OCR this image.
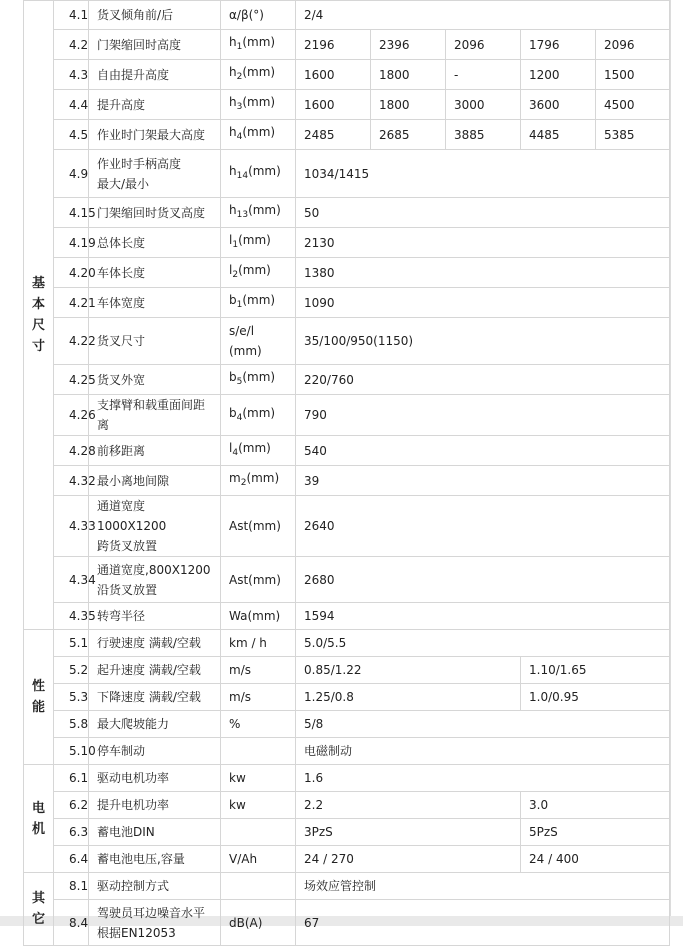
基
本
尺
寸	4.1	货叉倾角前/后	α/β(°)	2/4				
	4.2	门架缩回时高度	$h_1(mm)$	2196	2396	2096	1796	2096
	4.3	自由提升高度	$h_2(mm)$	1600	1800	-	1200	1500
	4.4	提升高度	$h_3(mm)$	1600	1800	3000	3600	4500
	4.5	作业时门架最大高度	$h_4(mm)$	2485	2685	3885	4485	5385
	4.9	作业时手柄高度
最大/最小	$h_{14}(mm)$	1034/1415				
	4.15	门架缩回时货叉高度	$h_{13}(mm)$	50				
	4.19	总体长度	$l_1(mm)$	2130				
	4.20	车体长度	$l_2(mm)$	1380				
	4.21	车体宽度	$b_1(mm)$	1090				
	4.22	货叉尺寸	s/e/l
(mm)	35/100/950(1150)				
	4.25	货叉外宽	$b_5(mm)$	220/760				
	4.26	支撑臂和载重面间距离	$b_4(mm)$	790				
	4.28	前移距离	$l_4(mm)$	540				
	4.32	最小离地间隙	$m_2(mm)$	39				
	4.33	通道宽度1000X1200
跨货叉放置	Ast(mm)	2640				
	4.34	通道宽度,800X1200
沿货叉放置	Ast(mm)	2680				
	4.35	转弯半径	Wa(mm)	1594				
性
能	5.1	行驶速度 满载/空载	km / h	5.0/5.5				
	5.2	起升速度 满载/空载	m/s	0.85/1.22			1.10/1.65	
	5.3	下降速度 满载/空载	m/s	1.25/0.8			1.0/0.95	
	5.8	最大爬坡能力	%	5/8				
	5.10	停车制动		电磁制动				
电
机	6.1	驱动电机功率	kw	1.6				
	6.2	提升电机功率	kw	2.2			3.0	
	6.3	蓄电池DIN		3PzS			5PzS	
	6.4	蓄电池电压,容量	V/Ah	24 / 270			24 / 400	
其
它	8.1	驱动控制方式		场效应管控制				
	8.4	驾驶员耳边噪音水平
根据EN12053	dB(A)	67				
